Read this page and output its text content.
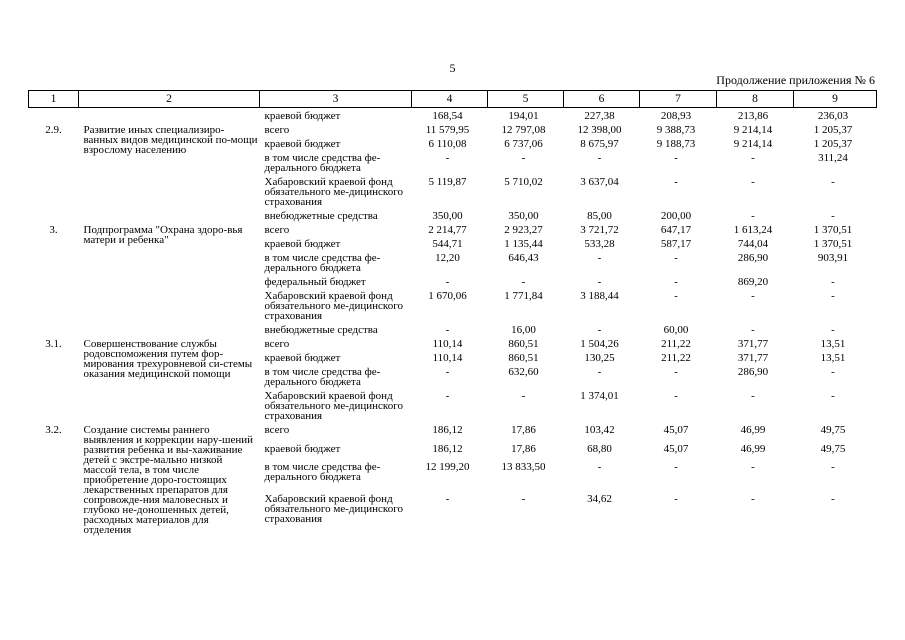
5
Продолжение приложения № 6
1	2	3	4	5	6	7	8	9
		краевой бюджет	168,54	194,01	227,38	208,93	213,86	236,03
2.9.	Развитие иных специализиро-ванных видов медицинской по-мощи взрослому населению	всего	11 579,95	12 797,08	12 398,00	9 388,73	9 214,14	1 205,37
		краевой бюджет	6 110,08	6 737,06	8 675,97	9 188,73	9 214,14	1 205,37
		в том числе средства фе-дерального бюджета	-	-	-	-	-	311,24
		Хабаровский краевой фонд обязательного ме-дицинского страхования	5 119,87	5 710,02	3 637,04	-	-	-
		внебюджетные средства	350,00	350,00	85,00	200,00	-	-
3.	Подпрограмма "Охрана здоро-вья матери и ребенка"	всего	2 214,77	2 923,27	3 721,72	647,17	1 613,24	1 370,51
		краевой бюджет	544,71	1 135,44	533,28	587,17	744,04	1 370,51
		в том числе средства фе-дерального бюджета	12,20	646,43	-	-	286,90	903,91
		федеральный бюджет	-	-	-	-	869,20	-
		Хабаровский краевой фонд обязательного ме-дицинского страхования	1 670,06	1 771,84	3 188,44	-	-	-
		внебюджетные средства	-	16,00	-	60,00	-	-
3.1.	Совершенствование службы родовспоможения путем фор-мирования трехуровневой си-стемы оказания медицинской помощи	всего	110,14	860,51	1 504,26	211,22	371,77	13,51
		краевой бюджет	110,14	860,51	130,25	211,22	371,77	13,51
		в том числе средства фе-дерального бюджета	-	632,60	-	-	286,90	-
		Хабаровский краевой фонд обязательного ме-дицинского страхования	-	-	1 374,01	-	-	-
3.2.	Создание системы раннего выявления и коррекции нару-шений развития ребенка и вы-хаживание детей с экстре-мально низкой массой тела, в том числе приобретение доро-гостоящих лекарственных препаратов для сопровожде-ния маловесных и глубоко не-доношенных детей, расходных материалов для отделения	всего	186,12	17,86	103,42	45,07	46,99	49,75
		краевой бюджет	186,12	17,86	68,80	45,07	46,99	49,75
		в том числе средства фе-дерального бюджета	12 199,20	13 833,50	-	-	-	-
		Хабаровский краевой фонд обязательного ме-дицинского страхования	-	-	34,62	-	-	-
